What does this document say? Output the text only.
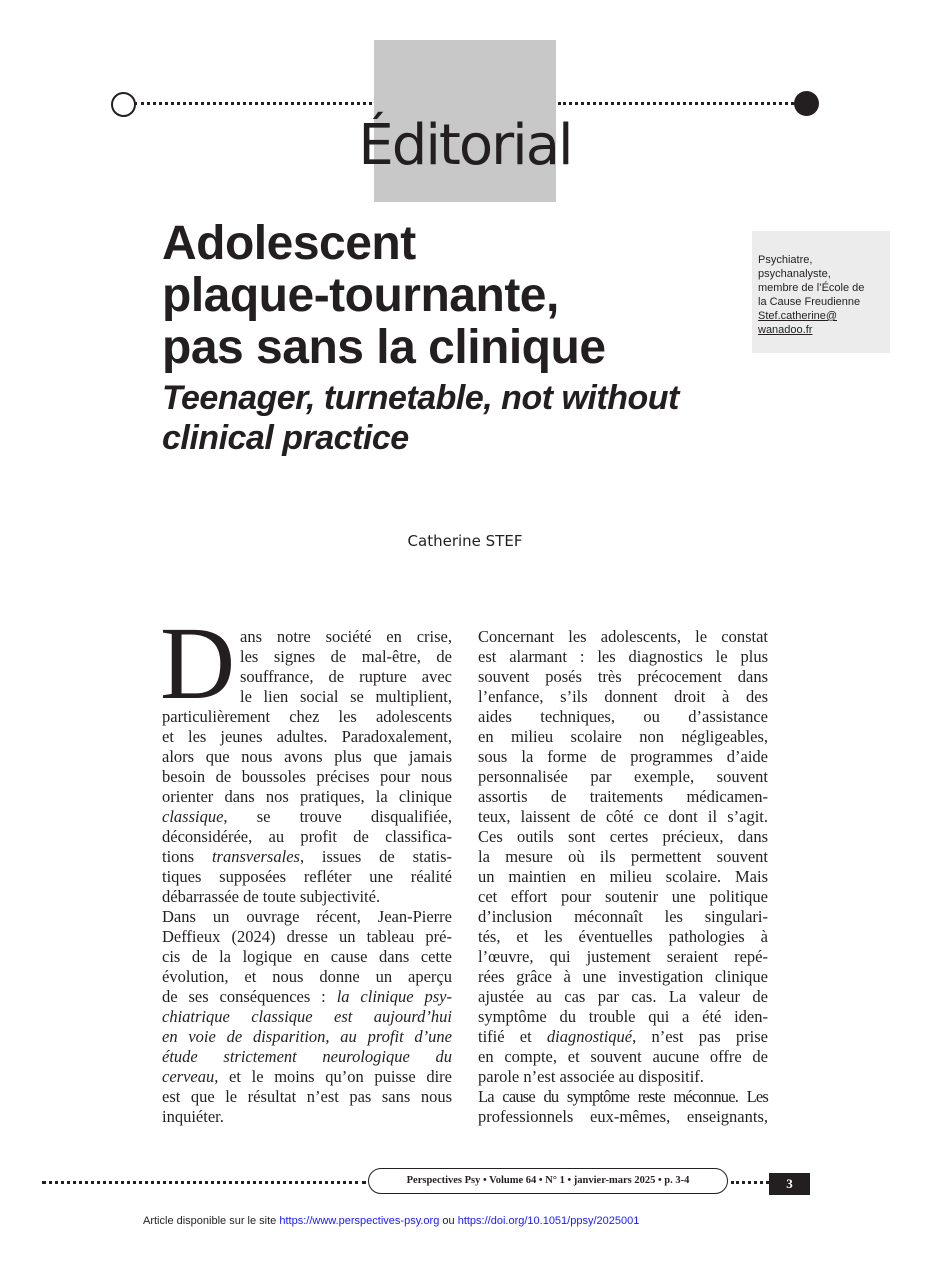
Éditorial
Adolescent
plaque-tournante,
pas sans la clinique
Teenager, turnetable, not without
clinical practice
Psychiatre,
psychanalyste,
membre de l’École de
la Cause Freudienne
Stef.catherine@
wanadoo.fr
Catherine STEF
D ans notre société en crise,
les signes de mal-être, de
souffrance, de rupture avec
le lien social se multiplient,
particulièrement chez les adolescents
et les jeunes adultes. Paradoxalement,
alors que nous avons plus que jamais
besoin de boussoles précises pour nous
orienter dans nos pratiques, la clinique
classique, se trouve disqualifiée,
déconsidérée, au profit de classifica-
tions transversales, issues de statis-
tiques supposées refléter une réalité
débarrassée de toute subjectivité.
Dans un ouvrage récent, Jean-Pierre
Deffieux (2024) dresse un tableau pré-
cis de la logique en cause dans cette
évolution, et nous donne un aperçu
de ses conséquences : la clinique psy-
chiatrique classique est aujourd’hui
en voie de disparition, au profit d’une
étude strictement neurologique du
cerveau, et le moins qu’on puisse dire
est que le résultat n’est pas sans nous
inquiéter.
Concernant les adolescents, le constat
est alarmant : les diagnostics le plus
souvent posés très précocement dans
l’enfance, s’ils donnent droit à des
aides techniques, ou d’assistance
en milieu scolaire non négligeables,
sous la forme de programmes d’aide
personnalisée par exemple, souvent
assortis de traitements médicamen-
teux, laissent de côté ce dont il s’agit.
Ces outils sont certes précieux, dans
la mesure où ils permettent souvent
un maintien en milieu scolaire. Mais
cet effort pour soutenir une politique
d’inclusion méconnaît les singulari-
tés, et les éventuelles pathologies à
l’œuvre, qui justement seraient repé-
rées grâce à une investigation clinique
ajustée au cas par cas. La valeur de
symptôme du trouble qui a été iden-
tifié et diagnostiqué, n’est pas prise
en compte, et souvent aucune offre de
parole n’est associée au dispositif.
La cause du symptôme reste méconnue. Les
professionnels eux-mêmes, enseignants,
Perspectives Psy • Volume 64 • N° 1 • janvier-mars 2025 • p. 3-4	3
Article disponible sur le site https://www.perspectives-psy.org ou https://doi.org/10.1051/ppsy/2025001
